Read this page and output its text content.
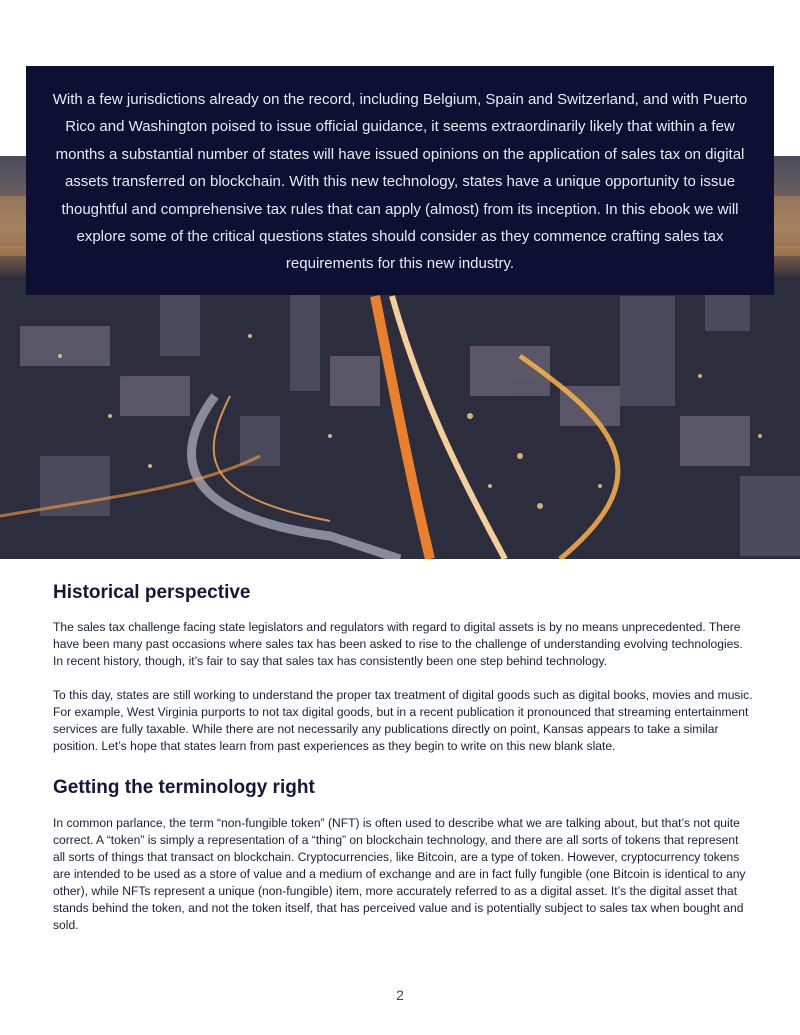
With a few jurisdictions already on the record, including Belgium, Spain and Switzerland, and with Puerto Rico and Washington poised to issue official guidance, it seems extraordinarily likely that within a few months a substantial number of states will have issued opinions on the application of sales tax on digital assets transferred on blockchain. With this new technology, states have a unique opportunity to issue thoughtful and comprehensive tax rules that can apply (almost) from its inception. In this ebook we will explore some of the critical questions states should consider as they commence crafting sales tax requirements for this new industry.
Historical perspective

The sales tax challenge facing state legislators and regulators with regard to digital assets is by no means unprecedented. There have been many past occasions where sales tax has been asked to rise to the challenge of understanding evolving technologies. In recent history, though, it’s fair to say that sales tax has consistently been one step behind technology.

To this day, states are still working to understand the proper tax treatment of digital goods such as digital books, movies and music. For example, West Virginia purports to not tax digital goods, but in a recent publication it pronounced that streaming entertainment services are fully taxable. While there are not necessarily any publications directly on point, Kansas appears to take a similar position. Let’s hope that states learn from past experiences as they begin to write on this new blank slate.

Getting the terminology right

In common parlance, the term “non-fungible token” (NFT) is often used to describe what we are talking about, but that’s not quite correct. A “token” is simply a representation of a “thing” on blockchain technology, and there are all sorts of tokens that represent all sorts of things that transact on blockchain. Cryptocurrencies, like Bitcoin, are a type of token. However, cryptocurrency tokens are intended to be used as a store of value and a medium of exchange and are in fact fully fungible (one Bitcoin is identical to any other), while NFTs represent a unique (non-fungible) item, more accurately referred to as a digital asset. It’s the digital asset that stands behind the token, and not the token itself, that has perceived value and is potentially subject to sales tax when bought and sold.

2
